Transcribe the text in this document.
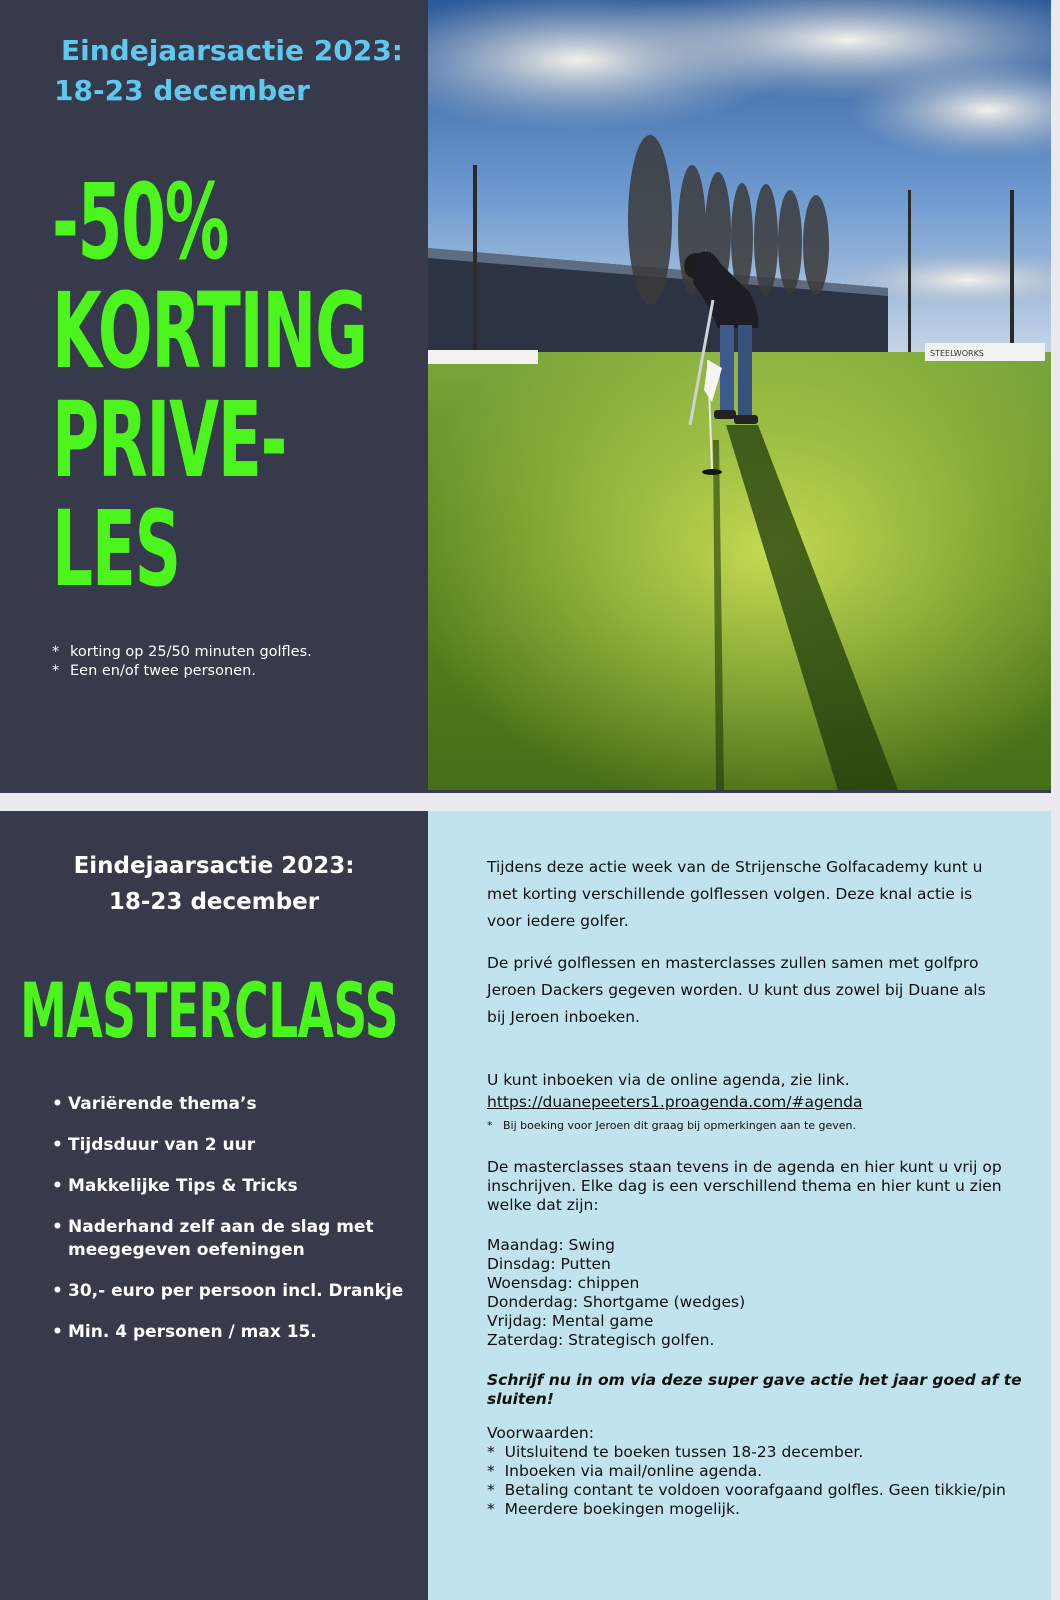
Eindejaarsactie 2023:
18-23 december
-50%
KORTING
PRIVE-
LES
* korting op 25/50 minuten golfles.
* Een en/of twee personen.
STEELWORKS
Eindejaarsactie 2023:
18-23 december
MASTERCLASS
• Variërende thema’s
• Tijdsduur van 2 uur
• Makkelijke Tips & Tricks
• Naderhand zelf aan de slag met meegegeven oefeningen
• 30,- euro per persoon incl. Drankje
• Min. 4 personen / max 15.
Tijdens deze actie week van de Strijensche Golfacademy kunt u
met korting verschillende golflessen volgen. Deze knal actie is
voor iedere golfer.
De privé golflessen en masterclasses zullen samen met golfpro
Jeroen Dackers gegeven worden. U kunt dus zowel bij Duane als
bij Jeroen inboeken.
U kunt inboeken via de online agenda, zie link.
https://duanepeeters1.proagenda.com/#agenda
* Bij boeking voor Jeroen dit graag bij opmerkingen aan te geven.
De masterclasses staan tevens in de agenda en hier kunt u vrij op
inschrijven. Elke dag is een verschillend thema en hier kunt u zien
welke dat zijn:
Maandag: Swing
Dinsdag: Putten
Woensdag: chippen
Donderdag: Shortgame (wedges)
Vrijdag: Mental game
Zaterdag: Strategisch golfen.
Schrijf nu in om via deze super gave actie het jaar goed af te
sluiten!
Voorwaarden:
* Uitsluitend te boeken tussen 18-23 december.
* Inboeken via mail/online agenda.
* Betaling contant te voldoen voorafgaand golfles. Geen tikkie/pin
* Meerdere boekingen mogelijk.
